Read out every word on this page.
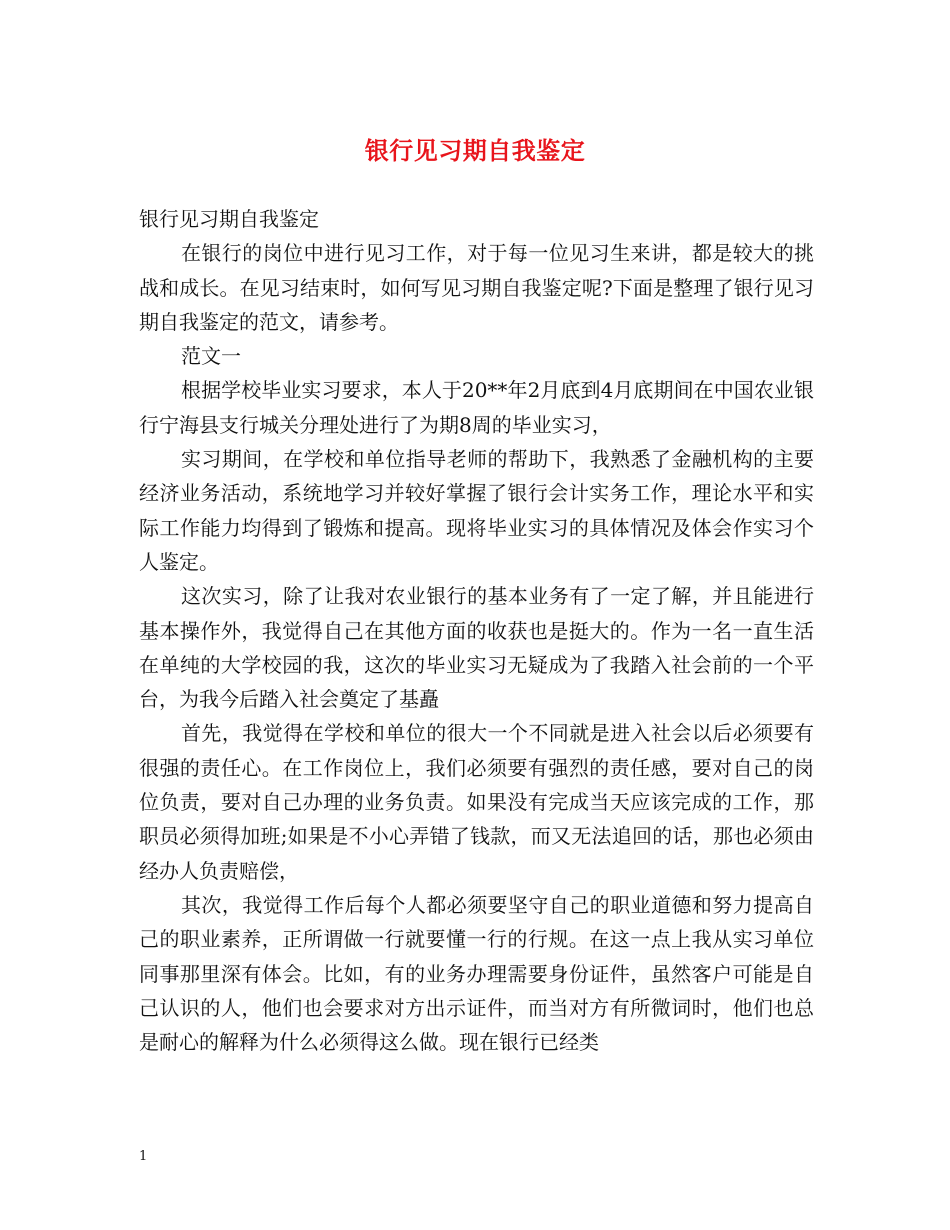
银行见习期自我鉴定

银行见习期自我鉴定

在银行的岗位中进行见习工作，对于每一位见习生来讲，都是较大的挑战和成长。在见习结束时，如何写见习期自我鉴定呢?下面是整理了银行见习期自我鉴定的范文，请参考。

范文一

根据学校毕业实习要求，本人于20**年2月底到4月底期间在中国农业银行宁海县支行城关分理处进行了为期8周的毕业实习，

实习期间，在学校和单位指导老师的帮助下，我熟悉了金融机构的主要经济业务活动，系统地学习并较好掌握了银行会计实务工作，理论水平和实际工作能力均得到了锻炼和提高。现将毕业实习的具体情况及体会作实习个人鉴定。

这次实习，除了让我对农业银行的基本业务有了一定了解，并且能进行基本操作外，我觉得自己在其他方面的收获也是挺大的。作为一名一直生活在单纯的大学校园的我，这次的毕业实习无疑成为了我踏入社会前的一个平台，为我今后踏入社会奠定了基矗

首先，我觉得在学校和单位的很大一个不同就是进入社会以后必须要有很强的责任心。在工作岗位上，我们必须要有强烈的责任感，要对自己的岗位负责，要对自己办理的业务负责。如果没有完成当天应该完成的工作，那职员必须得加班;如果是不小心弄错了钱款，而又无法追回的话，那也必须由经办人负责赔偿，

其次，我觉得工作后每个人都必须要坚守自己的职业道德和努力提高自己的职业素养，正所谓做一行就要懂一行的行规。在这一点上我从实习单位同事那里深有体会。比如，有的业务办理需要身份证件，虽然客户可能是自己认识的人，他们也会要求对方出示证件，而当对方有所微词时，他们也总是耐心的解释为什么必须得这么做。现在银行已经类

1
